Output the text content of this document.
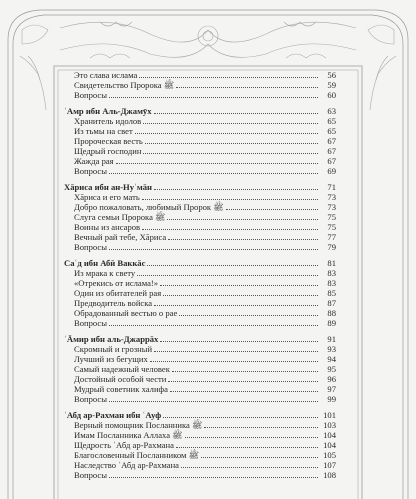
Это слава ислама	56
Свидетельство Пророка ﷺ	59
Вопросы	60
ʿАмр ибн Аль-Джамӯх	63
Хранитель идолов	65
Из тьмы на свет	65
Пророческая весть	67
Щедрый господин	67
Жажда рая	67
Вопросы	69
Хāриса ибн ан-Нуʿмāн	71
Хāриса и его мать	73
Добро пожаловать, любимый Пророк ﷺ	73
Слуга семьи Пророка ﷺ	75
Воины из ансаров	75
Вечный рай тебе, Хāриса	77
Вопросы	79
Саʿд ибн Абӣ Ваккāс	81
Из мрака к свету	83
«Отрекись от ислама!»	83
Один из обитателей рая	85
Предводитель войска	87
Обрадованный вестью о рае	88
Вопросы	89
ʿĀмир ибн аль-Джаррāх	91
Скромный и грозный	93
Лучший из бегущих	94
Самый надежный человек	95
Достойный особой чести	96
Мудрый советник халифа	97
Вопросы	99
ʿАбд ар-Рахман ибн ʿАуф	101
Верный помощник Посланника ﷺ	103
Имам Посланника Аллаха ﷺ	104
Щедрость ʿАбд ар-Рахмана	104
Благословенный Посланником ﷺ	105
Наследство ʿАбд ар-Рахмана	107
Вопросы	108
